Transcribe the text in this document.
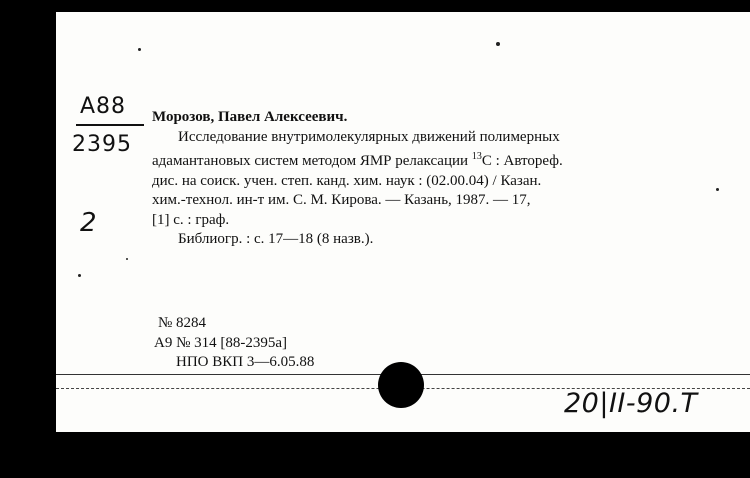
А88
2395
2
Морозов, Павел Алексеевич.
Исследование внутримолекулярных движений полимерных
адамантановых систем методом ЯМР релаксации $^{13}$C : Автореф.
дис. на соиск. учен. степ. канд. хим. наук : (02.00.04) / Казан.
хим.-технол. ин-т им. С. М. Кирова. — Казань, 1987. — 17,
[1] с. : граф.
Библиогр. : с. 17—18 (8 назв.).
№ 8284
А9 № 314 [88-2395а]
НПО ВКП 3—6.05.88
20|II-90.Т
